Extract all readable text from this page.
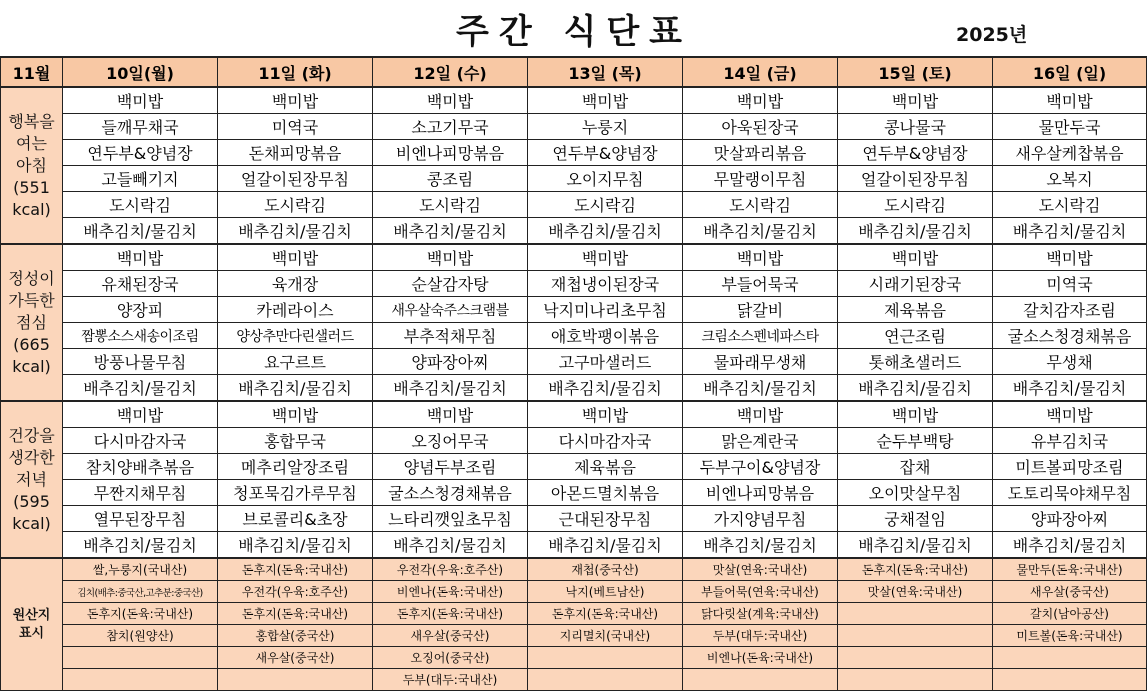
주간 식단표	2025년
11월	10일(월)	11일 (화)	12일 (수)	13일 (목)	14일 (금)	15일 (토)	16일 (일)

행복을
여는
아침
(551
kcal)	백미밥	백미밥	백미밥	백미밥	백미밥	백미밥	백미밥
	들깨무채국	미역국	소고기무국	누룽지	아욱된장국	콩나물국	물만두국
	연두부&양념장	돈채피망볶음	비엔나피망볶음	연두부&양념장	맛살꽈리볶음	연두부&양념장	새우살케찹볶음
	고들빼기지	얼갈이된장무침	콩조림	오이지무침	무말랭이무침	얼갈이된장무침	오복지
	도시락김	도시락김	도시락김	도시락김	도시락김	도시락김	도시락김
	배추김치/물김치	배추김치/물김치	배추김치/물김치	배추김치/물김치	배추김치/물김치	배추김치/물김치	배추김치/물김치

정성이
가득한
점심
(665
kcal)	백미밥	백미밥	백미밥	백미밥	백미밥	백미밥	백미밥
	유채된장국	육개장	순살감자탕	재첩냉이된장국	부들어묵국	시래기된장국	미역국
	양장피	카레라이스	새우살숙주스크램블	낙지미나리초무침	닭갈비	제육볶음	갈치감자조림
	짬뽕소스새송이조림	양상추만다린샐러드	부추적채무침	애호박팽이볶음	크림소스펜네파스타	연근조림	굴소스청경채볶음
	방풍나물무침	요구르트	양파장아찌	고구마샐러드	물파래무생채	톳해초샐러드	무생채
	배추김치/물김치	배추김치/물김치	배추김치/물김치	배추김치/물김치	배추김치/물김치	배추김치/물김치	배추김치/물김치

건강을
생각한
저녁
(595
kcal)	백미밥	백미밥	백미밥	백미밥	백미밥	백미밥	백미밥
	다시마감자국	홍합무국	오징어무국	다시마감자국	맑은계란국	순두부백탕	유부김치국
	참치양배추볶음	메추리알장조림	양념두부조림	제육볶음	두부구이&양념장	잡채	미트볼피망조림
	무짠지채무침	청포묵김가루무침	굴소스청경채볶음	아몬드멸치볶음	비엔나피망볶음	오이맛살무침	도토리묵야채무침
	열무된장무침	브로콜리&초장	느타리깻잎초무침	근대된장무침	가지양념무침	궁채절임	양파장아찌
	배추김치/물김치	배추김치/물김치	배추김치/물김치	배추김치/물김치	배추김치/물김치	배추김치/물김치	배추김치/물김치

원산지
표시	쌀,누룽지(국내산)	돈후지(돈육:국내산)	우전각(우육:호주산)	재첩(중국산)	맛살(연육:국내산)	돈후지(돈육:국내산)	물만두(돈육:국내산)
	김치(배추:중국산,고추분:중국산)	우전각(우육:호주산)	비엔나(돈육:국내산)	낙지(베트남산)	부들어묵(연육:국내산)	맛살(연육:국내산)	새우살(중국산)
	돈후지(돈육:국내산)	돈후지(돈육:국내산)	돈후지(돈육:국내산)	돈후지(돈육:국내산)	닭다릿살(계육:국내산)		갈치(남아공산)
	참치(원양산)	홍합살(중국산)	새우살(중국산)	지리멸치(국내산)	두부(대두:국내산)		미트볼(돈육:국내산)
		새우살(중국산)	오징어(중국산)		비엔나(돈육:국내산)		
			두부(대두:국내산)				
